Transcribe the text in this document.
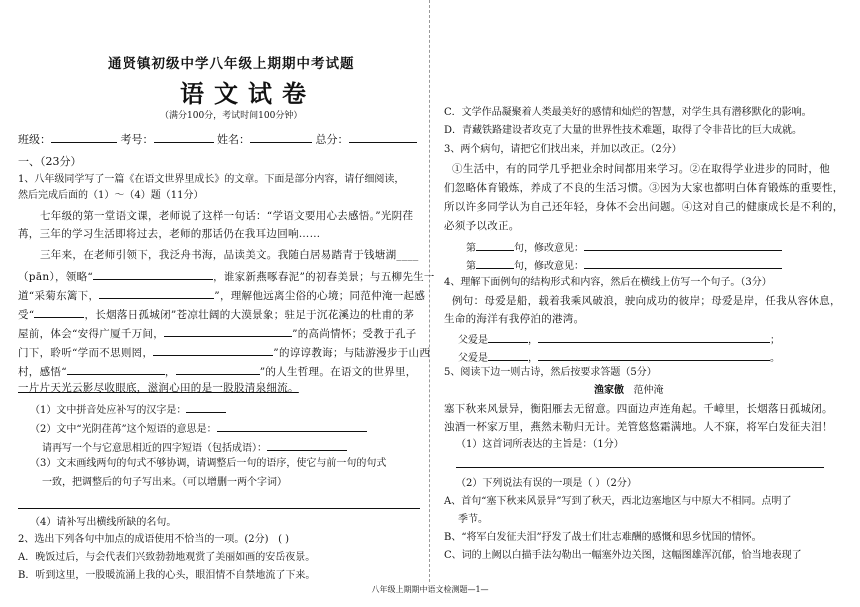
通贤镇初级中学八年级上期期中考试题
语文试卷
（满分100分，考试时间100分钟）
班级：	考号：	姓名：	总分：
一、（23分）
1、八年级同学写了一篇《在语文世界里成长》的文章。下面是部分内容，请仔细阅读，
然后完成后面的（1）～（4）题（11分）
七年级的第一堂语文课，老师说了这样一句话：“学语文要用心去感悟。”光阴荏
苒，三年的学习生活即将过去，老师的那话仍在我耳边回响……
三年来，在老师引领下，我泛舟书海，品读美文。我随白居易踏青于钱塘湖____
（pān），领略“	，谁家新燕啄春泥”的初春美景；与五柳先生一
道“采菊东篱下，	”，理解他远离尘俗的心境；同范仲淹一起感
受“	，长烟落日孤城闭”苍凉壮阔的大漠景象；驻足于沉花溪边的杜甫的茅
屋前，体会“安得广厦千万间，	”的高尚情怀；受教于孔子
门下，聆听“学而不思则罔，	”的谆谆教诲；与陆游漫步于山西
村，感悟“	，	”的人生哲理。在语文的世界里，
一片片天光云影尽收眼底，滋润心田的是一股股清泉细流。
（1）文中拼音处应补写的汉字是：
（2）文中“光阴荏苒”这个短语的意思是：
请再写一个与它意思相近的四字短语（包括成语）：
（3）文末画线两句的句式不够协调，请调整后一句的语序，使它与前一句的句式
一致，把调整后的句子写出来。（可以增删一两个字词）
（4）请补写出横线所缺的名句。
2、选出下列各句中加点的成语使用不恰当的一项。(2分) ( )
A．晚饭过后，与会代表们兴致勃勃地观赏了美丽如画的安岳夜景。
B．听到这里，一股暖流涌上我的心头，眼泪情不自禁地流了下来。
C．文学作品凝聚着人类最美好的感情和灿烂的智慧，对学生具有潜移默化的影响。
D．青藏铁路建设者攻克了大量的世界性技术难题，取得了令非昔比的巨大成就。
3、两个病句，请把它们找出来，并加以改正。（2分）
①生活中，有的同学几乎把业余时间都用来学习。②在取得学业进步的同时，他
们忽略体育锻炼，养成了不良的生活习惯。③因为大家也都明白体育锻炼的重要性，
所以许多同学认为自己还年轻，身体不会出问题。④这对自己的健康成长是不利的，
必须予以改正。
第	句，修改意见：
第	句，修改意见：
4、理解下面例句的结构形式和内容，然后在横线上仿写一个句子。（3分）
例句：母爱是船，载着我乘风破浪，驶向成功的彼岸；母爱是岸，任我从容休息，
生命的海洋有我停泊的港湾。
父爱是	，	；
父爱是	，	。
5、阅读下边一则古诗，然后按要求答题（5分）
渔家傲 范仲淹
塞下秋来风景异，衡阳雁去无留意。四面边声连角起。千嶂里，长烟落日孤城闭。
浊酒一杯家万里，燕然未勒归无计。羌管悠悠霜满地。人不寐，将军白发征夫泪！
（1）这首词所表达的主旨是：（1分）
（2）下列说法有误的一项是（ ）（2分）
A、首句“塞下秋来风景异”写到了秋天，西北边塞地区与中原大不相同。点明了
季节。
B、“将军白发征夫泪”抒发了战士们壮志难酬的感慨和思乡忧国的情怀。
C、词的上阙以白描手法勾勒出一幅塞外边关图，这幅图雄浑沉郁，恰当地表现了
八年级上期期中语文检测题—1—
